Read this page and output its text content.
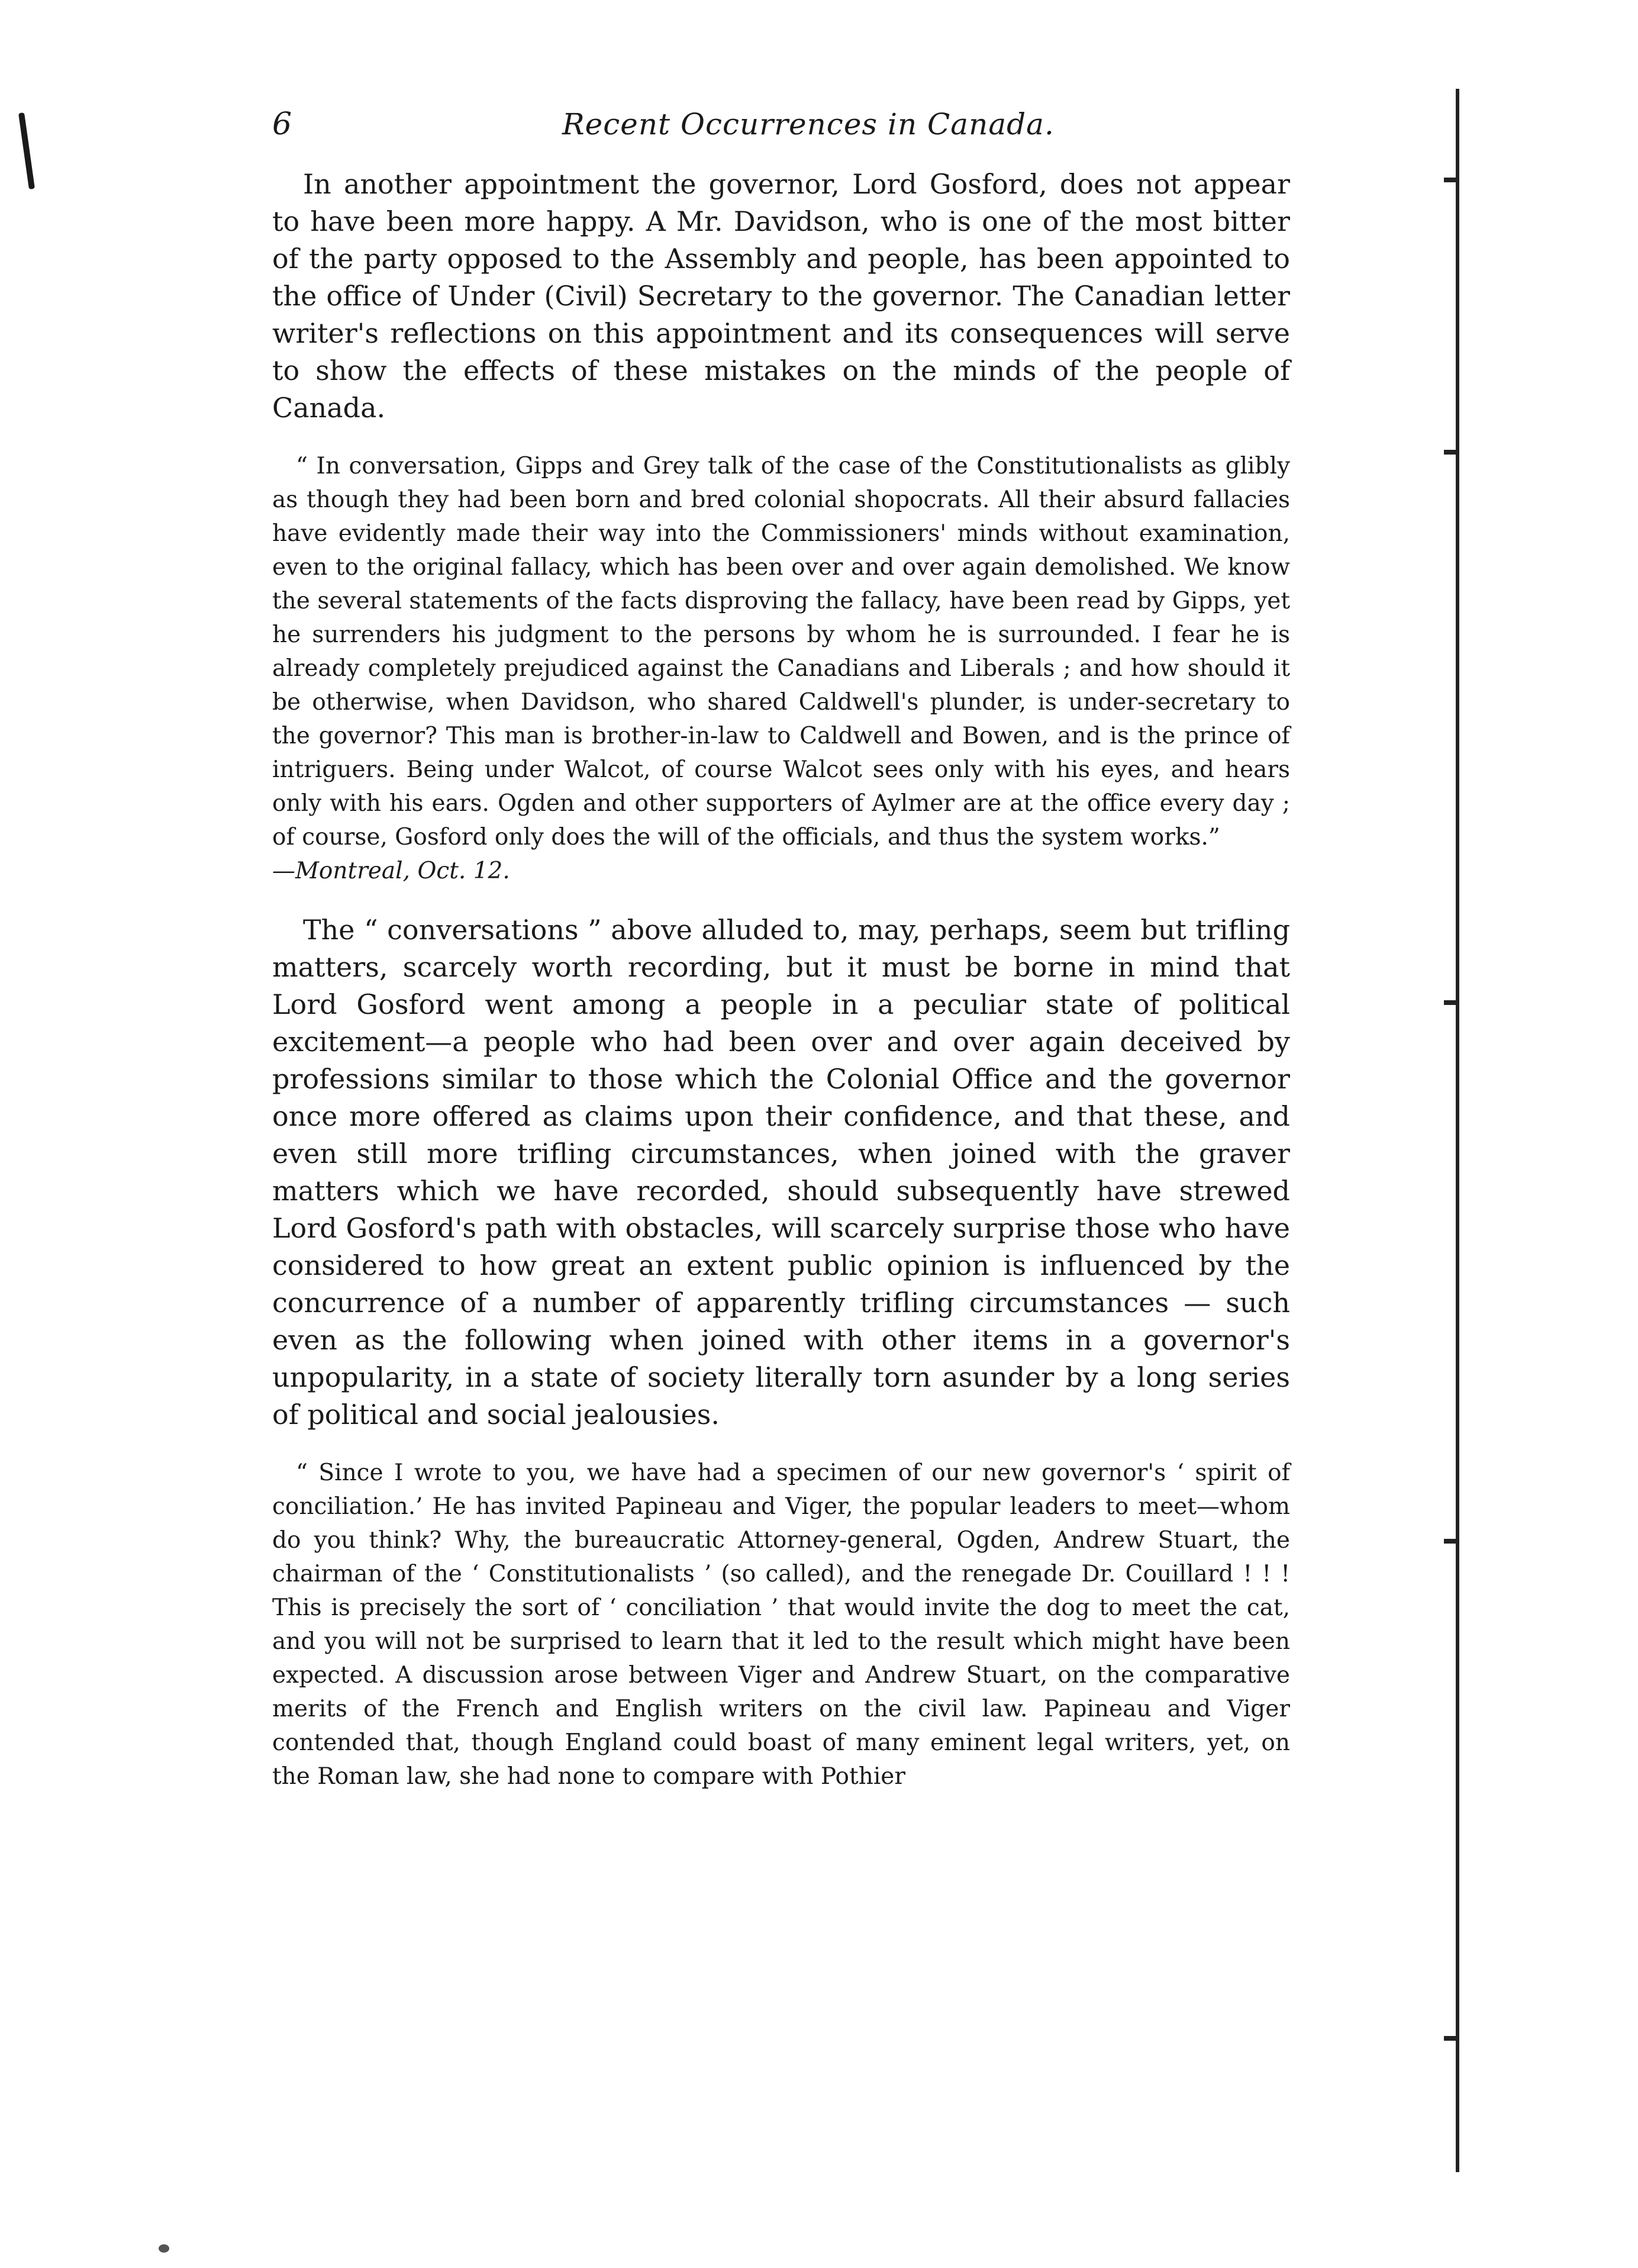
6	Recent Occurrences in Canada.

In another appointment the governor, Lord Gosford, does not appear to have been more happy. A Mr. Davidson, who is one of the most bitter of the party opposed to the Assembly and people, has been appointed to the office of Under (Civil) Secretary to the governor. The Canadian letter writer's reflections on this appointment and its consequences will serve to show the effects of these mistakes on the minds of the people of Canada.

“ In conversation, Gipps and Grey talk of the case of the Constitutionalists as glibly as though they had been born and bred colonial shopocrats. All their absurd fallacies have evidently made their way into the Commissioners' minds without examination, even to the original fallacy, which has been over and over again demolished. We know the several statements of the facts disproving the fallacy, have been read by Gipps, yet he surrenders his judgment to the persons by whom he is surrounded. I fear he is already completely prejudiced against the Canadians and Liberals ; and how should it be otherwise, when Davidson, who shared Caldwell's plunder, is under-secretary to the governor? This man is brother-in-law to Caldwell and Bowen, and is the prince of intriguers. Being under Walcot, of course Walcot sees only with his eyes, and hears only with his ears. Ogden and other supporters of Aylmer are at the office every day ; of course, Gosford only does the will of the officials, and thus the system works.”

—Montreal, Oct. 12.

The “ conversations ” above alluded to, may, perhaps, seem but trifling matters, scarcely worth recording, but it must be borne in mind that Lord Gosford went among a people in a peculiar state of political excitement—a people who had been over and over again deceived by professions similar to those which the Colonial Office and the governor once more offered as claims upon their confidence, and that these, and even still more trifling circumstances, when joined with the graver matters which we have recorded, should subsequently have strewed Lord Gosford's path with obstacles, will scarcely surprise those who have considered to how great an extent public opinion is influenced by the concurrence of a number of apparently trifling circumstances — such even as the following when joined with other items in a governor's unpopularity, in a state of society literally torn asunder by a long series of political and social jealousies.

“ Since I wrote to you, we have had a specimen of our new governor's ‘ spirit of conciliation.’ He has invited Papineau and Viger, the popular leaders to meet—whom do you think? Why, the bureaucratic Attorney-general, Ogden, Andrew Stuart, the chairman of the ‘ Constitutionalists ’ (so called), and the renegade Dr. Couillard ! ! ! This is precisely the sort of ‘ conciliation ’ that would invite the dog to meet the cat, and you will not be surprised to learn that it led to the result which might have been expected. A discussion arose between Viger and Andrew Stuart, on the comparative merits of the French and English writers on the civil law. Papineau and Viger contended that, though England could boast of many eminent legal writers, yet, on the Roman law, she had none to compare with Pothier
